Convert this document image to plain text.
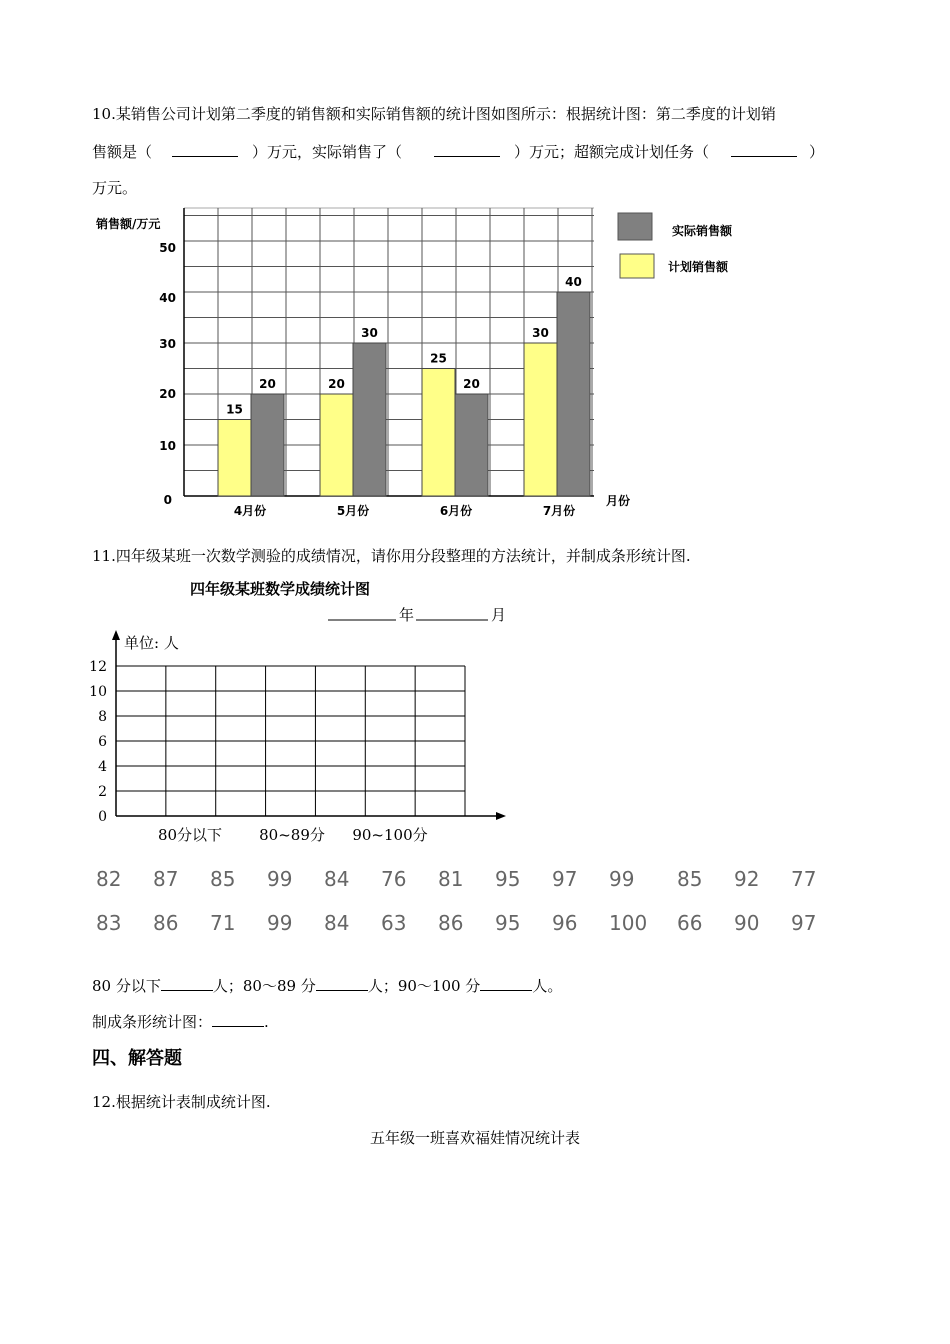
10.某销售公司计划第二季度的销售额和实际销售额的统计图如图所示：根据统计图：第二季度的计划销
售额是（	）万元，实际销售了（	）万元；超额完成计划任务（	）
万元。
15
20	20
30
25
20
30
40
销售额/万元
月份
0
10
20
30
40
50
4月份	5月份	6月份	7月份
实际销售额
计划销售额
11.四年级某班一次数学测验的成绩情况，请你用分段整理的方法统计，并制成条形统计图.
四年级某班数学成绩统计图
年	月
单位: 人
0
2
4
6
8
10
12
80分以下 80~89分 90~100分
82 87 85 99 84 76 81 95 97 99 85 92 77
83 86 71 99 84 63 86 95 96 100 66 90 97
80 分以下	人；80～89 分	人；90～100 分	人。
制成条形统计图：	.
四、解答题
12.根据统计表制成统计图.
五年级一班喜欢福娃情况统计表
